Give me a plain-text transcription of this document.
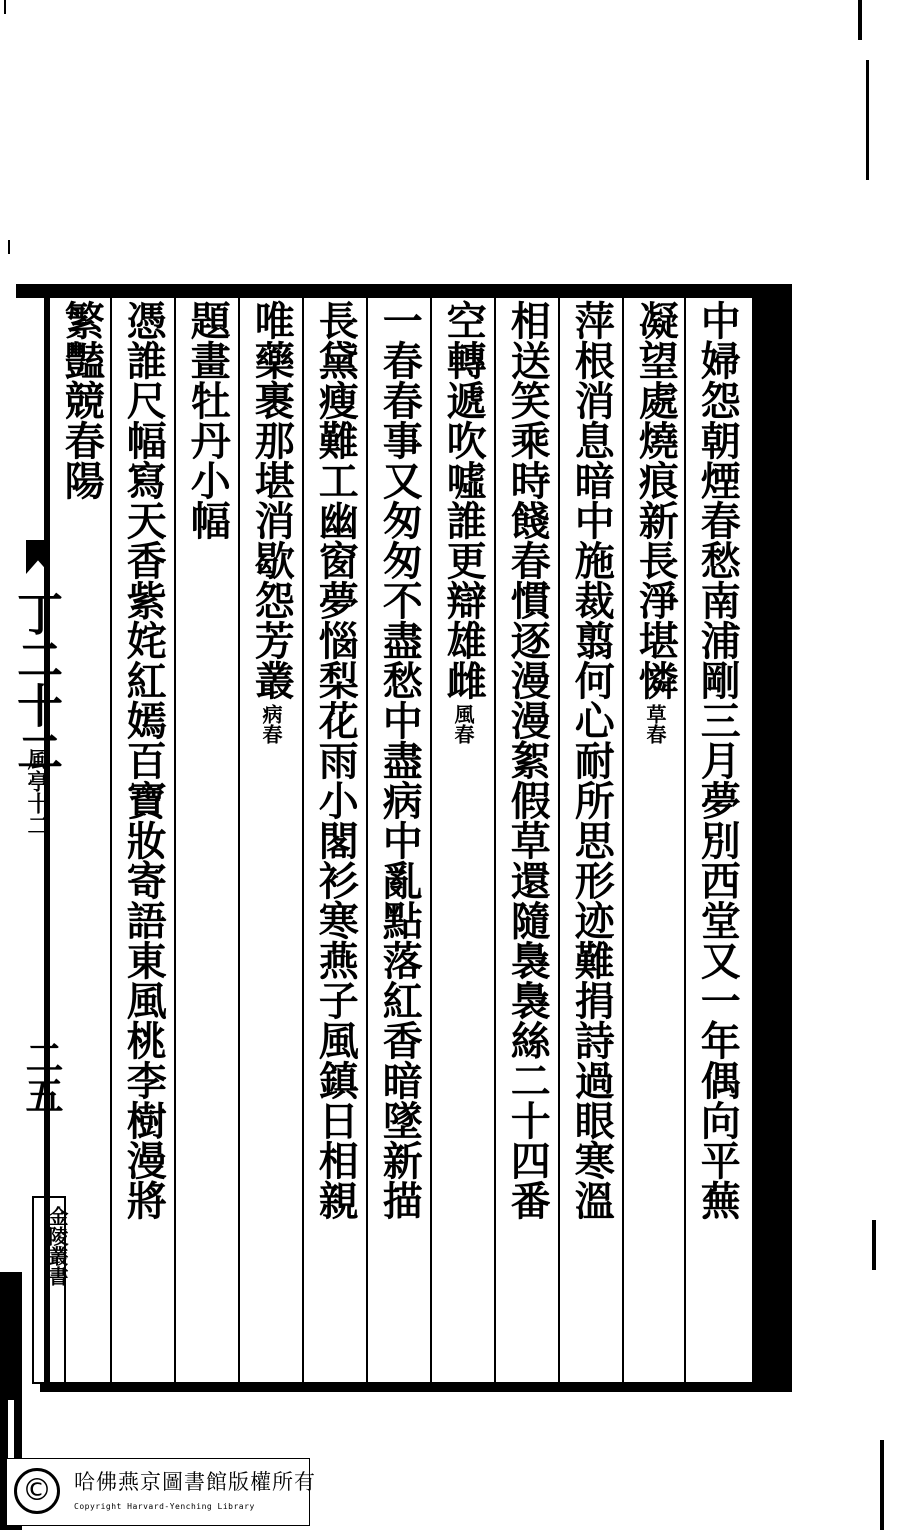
中婦怨朝煙春愁南浦剛三月夢別西堂又一年偶向平蕪
凝望處燒痕新長淨堪憐
草春
萍根消息暗中施裁翦何心耐所思形迹難捐詩過眼寒溫
相送笑乘時餞春慣逐漫漫絮假草還隨裊裊絲二十四番
空轉遞吹噓誰更辯雄雌
風春
一春春事又匆匆不盡愁中盡病中亂點落紅香暗墜新描
長黛瘦難工幽窗夢惱梨花雨小閣衫寒燕子風鎮日相親
唯藥裹那堪消歇怨芳叢
病春
題畫牡丹小幅
憑誰尺幅寫天香紫姹紅嫣百寶妝寄語東風桃李樹漫將
繁豔競春陽
丁二十二
風亭十二
二五
金陵叢書
©	哈佛燕京圖書館版權所有
Copyright Harvard-Yenching Library
